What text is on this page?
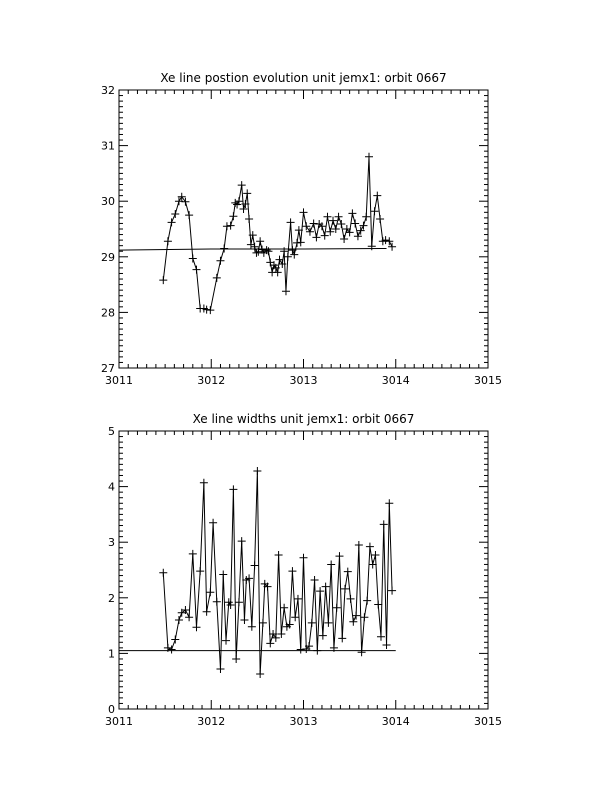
Xe line postion evolution unit jemx1: orbit 0667
3011	3012	3013	3014	3015
27
28
29
30
31
32
Xe line widths unit jemx1: orbit 0667
3011	3012	3013	3014	3015
0
1
2
3
4
5
